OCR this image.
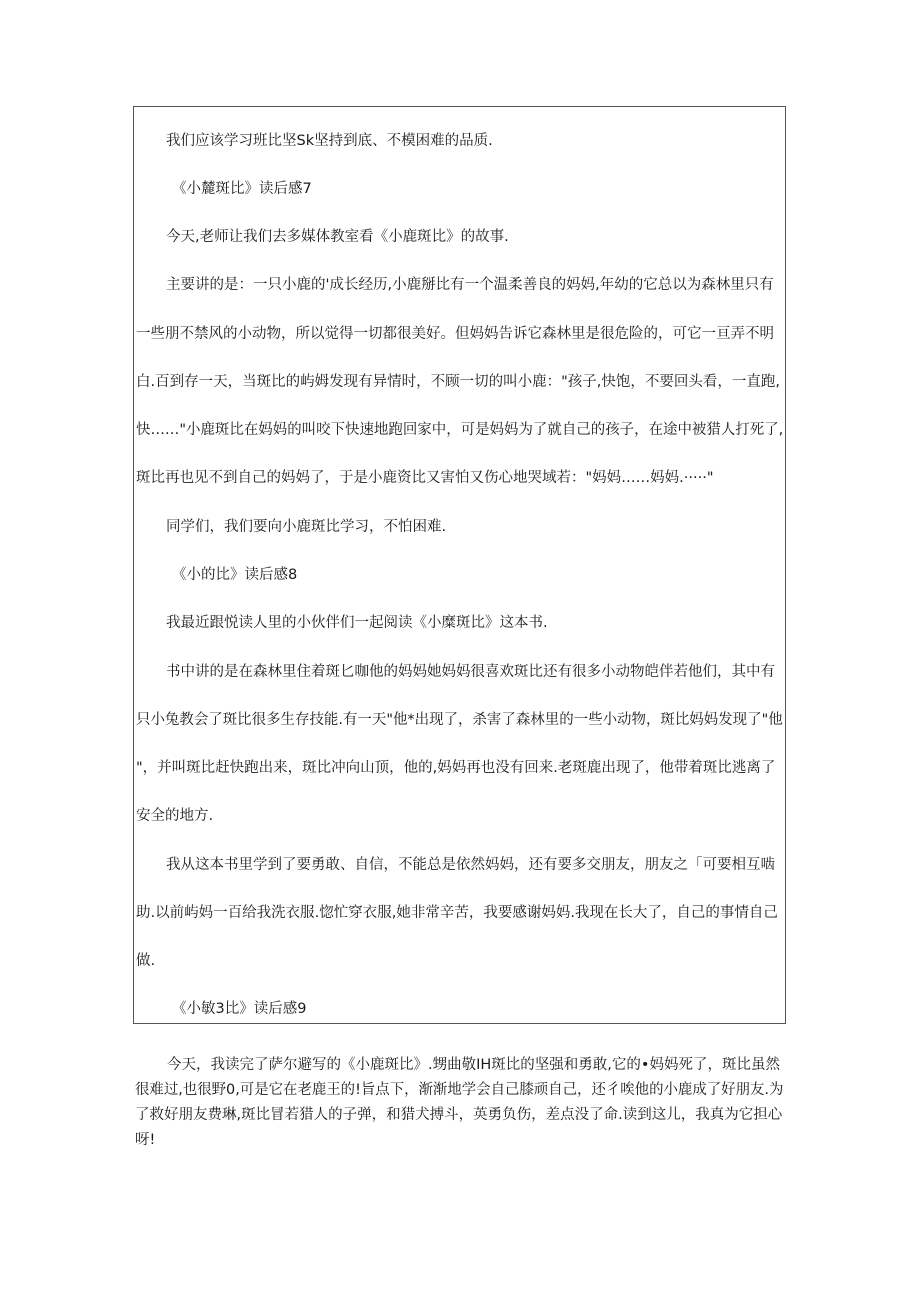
我们应该学习班比坚Sk坚持到底、不模困难的品质.
《小麓斑比》读后感7
今天,老师让我们去多媒体教室看《小鹿斑比》的故事.
主要讲的是：一只小鹿的'成长经历,小鹿掰比有一个温柔善良的妈妈,年幼的它总以为森林里只有
一些朋不禁风的小动物，所以觉得一切都很美好。但妈妈告诉它森林里是很危险的，可它一亘弄不明
白.百到存一天，当斑比的屿姆发现有异情时，不顾一切的叫小鹿："孩子,快饱，不要回头看，一直跑,
快……"小鹿斑比在妈妈的叫咬下快速地跑回家中，可是妈妈为了就自己的孩子，在途中被猎人打死了,
斑比再也见不到自己的妈妈了，于是小鹿资比又害怕又伤心地哭域若："妈妈……妈妈.·····"
同学们，我们要向小鹿斑比学习，不怕困难.
《小的比》读后感8
我最近跟悦读人里的小伙伴们一起阅读《小糜斑比》这本书.
书中讲的是在森林里住着斑匕咖他的妈妈她妈妈很喜欢斑比还有很多小动物皑伴若他们，其中有
只小兔教会了斑比很多生存技能.有一天"他*出现了，杀害了森林里的一些小动物，斑比妈妈发现了"他
"，并叫斑比赶快跑出来，斑比冲向山顶，他的,妈妈再也没有回来.老斑鹿出现了，他带着斑比逃离了
安全的地方.
我从这本书里学到了要勇敢、自信，不能总是依然妈妈，还有要多交朋友，朋友之「可要相互啮
助.以前屿妈一百给我洗衣服.惚忙穿衣服,她非常辛苦，我要感谢妈妈.我现在长大了，自己的事情自己
做.
《小敏3比》读后感9
今天，我读完了萨尔避写的《小鹿斑比》.甥曲敬IH斑比的坚强和勇敢,它的•妈妈死了，斑比虽然
很难过,也很野0,可是它在老鹿王的!旨点下，渐渐地学会自己膝顽自己，还彳唉他的小鹿成了好朋友.为
了救好朋友费琳,斑比冒若猎人的子弹，和猎犬搏斗，英勇负伤，差点没了命.读到这儿，我真为它担心
呀!
